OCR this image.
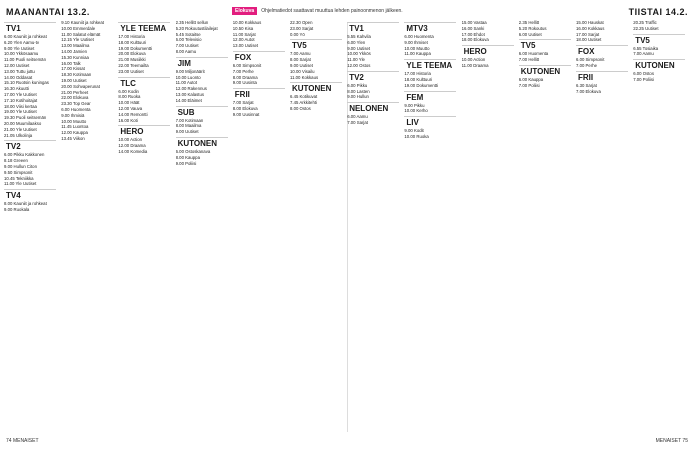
MAANANTAI 13.2.	Elokuva	Ohjelmatiedot saattavat muuttua lehden painoonmenon jälkeen.	TIISTAI 14.2.
TV1
6.00 Kauniit ja rohkeat
6.20 Ylen Aamu-tv
9.00 Yle Uutiset
10.00 Ykkösaamu
11.00 Puoli seitsemän
12.00 Uutiset
13.00 Tuttu juttu
14.00 Oddasat
15.10 Ruotsin kuningas
16.30 Akuutti
17.00 Yle Uutiset
17.10 Kotihoitajat
18.00 Viisi kertaa
19.00 Yle Uutiset
19.30 Puoli seitsemän
20.00 Muumilaakso
21.00 Yle Uutiset
21.05 Ulkolinja
TV2
6.00 Pikku Kakkonen
8.18 Greeen
9.00 Hullun Citon
9.50 Simpsonit
10.45 Tekniikka
11.00 Yle Uutiset
TV4
8.00 Kauniit ja rohkeat
9.00 Ruokala
9.10 Kauniit ja rohkeat
10.00 Emmerdale
11.00 Salatut elämät
12.15 Yle Uutiset
13.00 Maailma
14.00 Jamien
15.30 Kunniaa
16.00 Talk
17.00 Kissat
18.30 Kotimaan
19.00 Uutiset
20.00 Sohvaperunat
21.00 Perheet
22.00 Elokuva
23.30 Top Gear
6.00 Huomenta
9.00 Ihmisiä
10.00 Muutto
11.45 Luontoa
12.00 Kauppa
13.45 Viikon
YLE TEEMA
17.00 Historia
18.00 Kulttuuri
19.00 Dokumentti
20.00 Elokuva
21.00 Musiikki
22.00 Teemailta
23.00 Uutiset
TLC
6.00 Kodin
8.00 Ruoka
10.00 Häät
12.00 Vauva
14.00 Remontti
16.00 Koti
HERO
10.00 Action
12.00 Draama
14.00 Komedia
2.35 Hellitt sellun
5.20 Rokoutustilailejat
5.45 Sotaitse
6.00 Televisio
7.00 Uutiset
8.00 Aamu
JIM
9.00 Miljonäärit
10.00 Luonto
11.00 Autot
12.00 Rakennus
13.00 Kalastus
14.00 Eläimet
SUB
7.00 Kotimaan
8.00 Maailma
9.00 Uutiset
KUTONEN
6.00 Ostoskanava
8.00 Kauppa
9.00 Poliisi
10.00 Kokkaus
10.50 Kisa
11.00 Sarjat
12.00 Autot
13.00 Uutiset
FOX
6.00 Simpsonit
7.00 Perhe
8.00 Draama
9.00 Uusinta
FRII
7.00 Sarjat
8.00 Elokuva
9.00 Uusinnat
22.30 Open
23.00 Sarjat
0.00 Yö
TV5
7.00 Aamu
8.00 Sarjat
9.00 Uutiset
10.00 Visailu
11.00 Kokkaus
KUTONEN
6.45 Kotikuvat
7.45 Arkkitehti
8.00 Ostos
TV1
5.55 Kahvila
6.00 Ylen
9.00 Uutiset
10.00 Ykkös
11.00 Yle
12.00 Ostos
TV2
6.00 Pikku
8.00 Lasten
9.00 Hullun
NELONEN
6.00 Aamu
7.00 Sarjat
MTV3
6.00 Huomenta
9.00 Ihmiset
10.00 Muutto
11.00 Kauppa
YLE TEEMA
17.00 Historia
18.00 Kulttuuri
19.00 Dokumentti
FEM
9.00 Pikku
10.00 Kerho
LIV
9.00 Kodit
10.00 Ruoka
15.00 Vastaa
16.00 Sanki
17.00 Ehdot
18.00 Elokuva
HERO
10.00 Action
11.00 Draama
2.35 Hellitt
5.20 Rokoutus
6.00 Uutiset
TV5
6.00 Huomenta
7.00 Hellitt
KUTONEN
6.00 Kauppa
7.00 Poliisi
15.00 Hauskat
16.00 Kokkaus
17.00 Sarjat
18.00 Uutiset
FOX
6.00 Simpsonit
7.00 Perhe
FRII
6.30 Sarjat
7.00 Elokuva
20.25 Traffic
22.25 Uutiset
TV5
6.55 Tosiaika
7.00 Aamu
KUTONEN
6.00 Ostos
7.00 Poliisi
74 MENAISET	MENAISET 75
